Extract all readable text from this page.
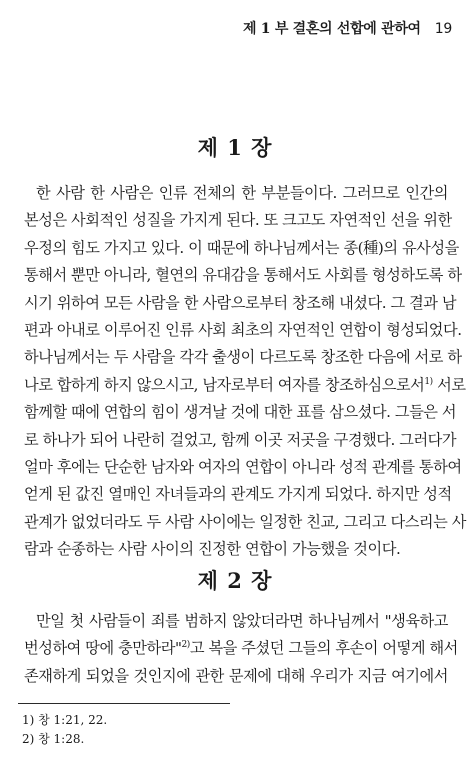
제 1 부 결혼의 선합에 관하여 19
제 1 장
한 사람 한 사람은 인류 전체의 한 부분들이다. 그러므로 인간의
본성은 사회적인 성질을 가지게 된다. 또 크고도 자연적인 선을 위한
우정의 힘도 가지고 있다. 이 때문에 하나님께서는 종(種)의 유사성을
통해서 뿐만 아니라, 혈연의 유대감을 통해서도 사회를 형성하도록 하
시기 위하여 모든 사람을 한 사람으로부터 창조해 내셨다. 그 결과 남
편과 아내로 이루어진 인류 사회 최초의 자연적인 연합이 형성되었다.
하나님께서는 두 사람을 각각 출생이 다르도록 창조한 다음에 서로 하
나로 합하게 하지 않으시고, 남자로부터 여자를 창조하심으로서$^{1)}$ 서로
함께할 때에 연합의 힘이 생겨날 것에 대한 표를 삼으셨다. 그들은 서
로 하나가 되어 나란히 걸었고, 함께 이곳 저곳을 구경했다. 그러다가
얼마 후에는 단순한 남자와 여자의 연합이 아니라 성적 관계를 통하여
얻게 된 값진 열매인 자녀들과의 관계도 가지게 되었다. 하지만 성적
관계가 없었더라도 두 사람 사이에는 일정한 친교, 그리고 다스리는 사
람과 순종하는 사람 사이의 진정한 연합이 가능했을 것이다.
제 2 장
만일 첫 사람들이 죄를 범하지 않았더라면 하나님께서 "생육하고
번성하여 땅에 충만하라"$^{2)}$고 복을 주셨던 그들의 후손이 어떻게 해서
존재하게 되었을 것인지에 관한 문제에 대해 우리가 지금 여기에서
1) 창 1:21, 22.
2) 창 1:28.
